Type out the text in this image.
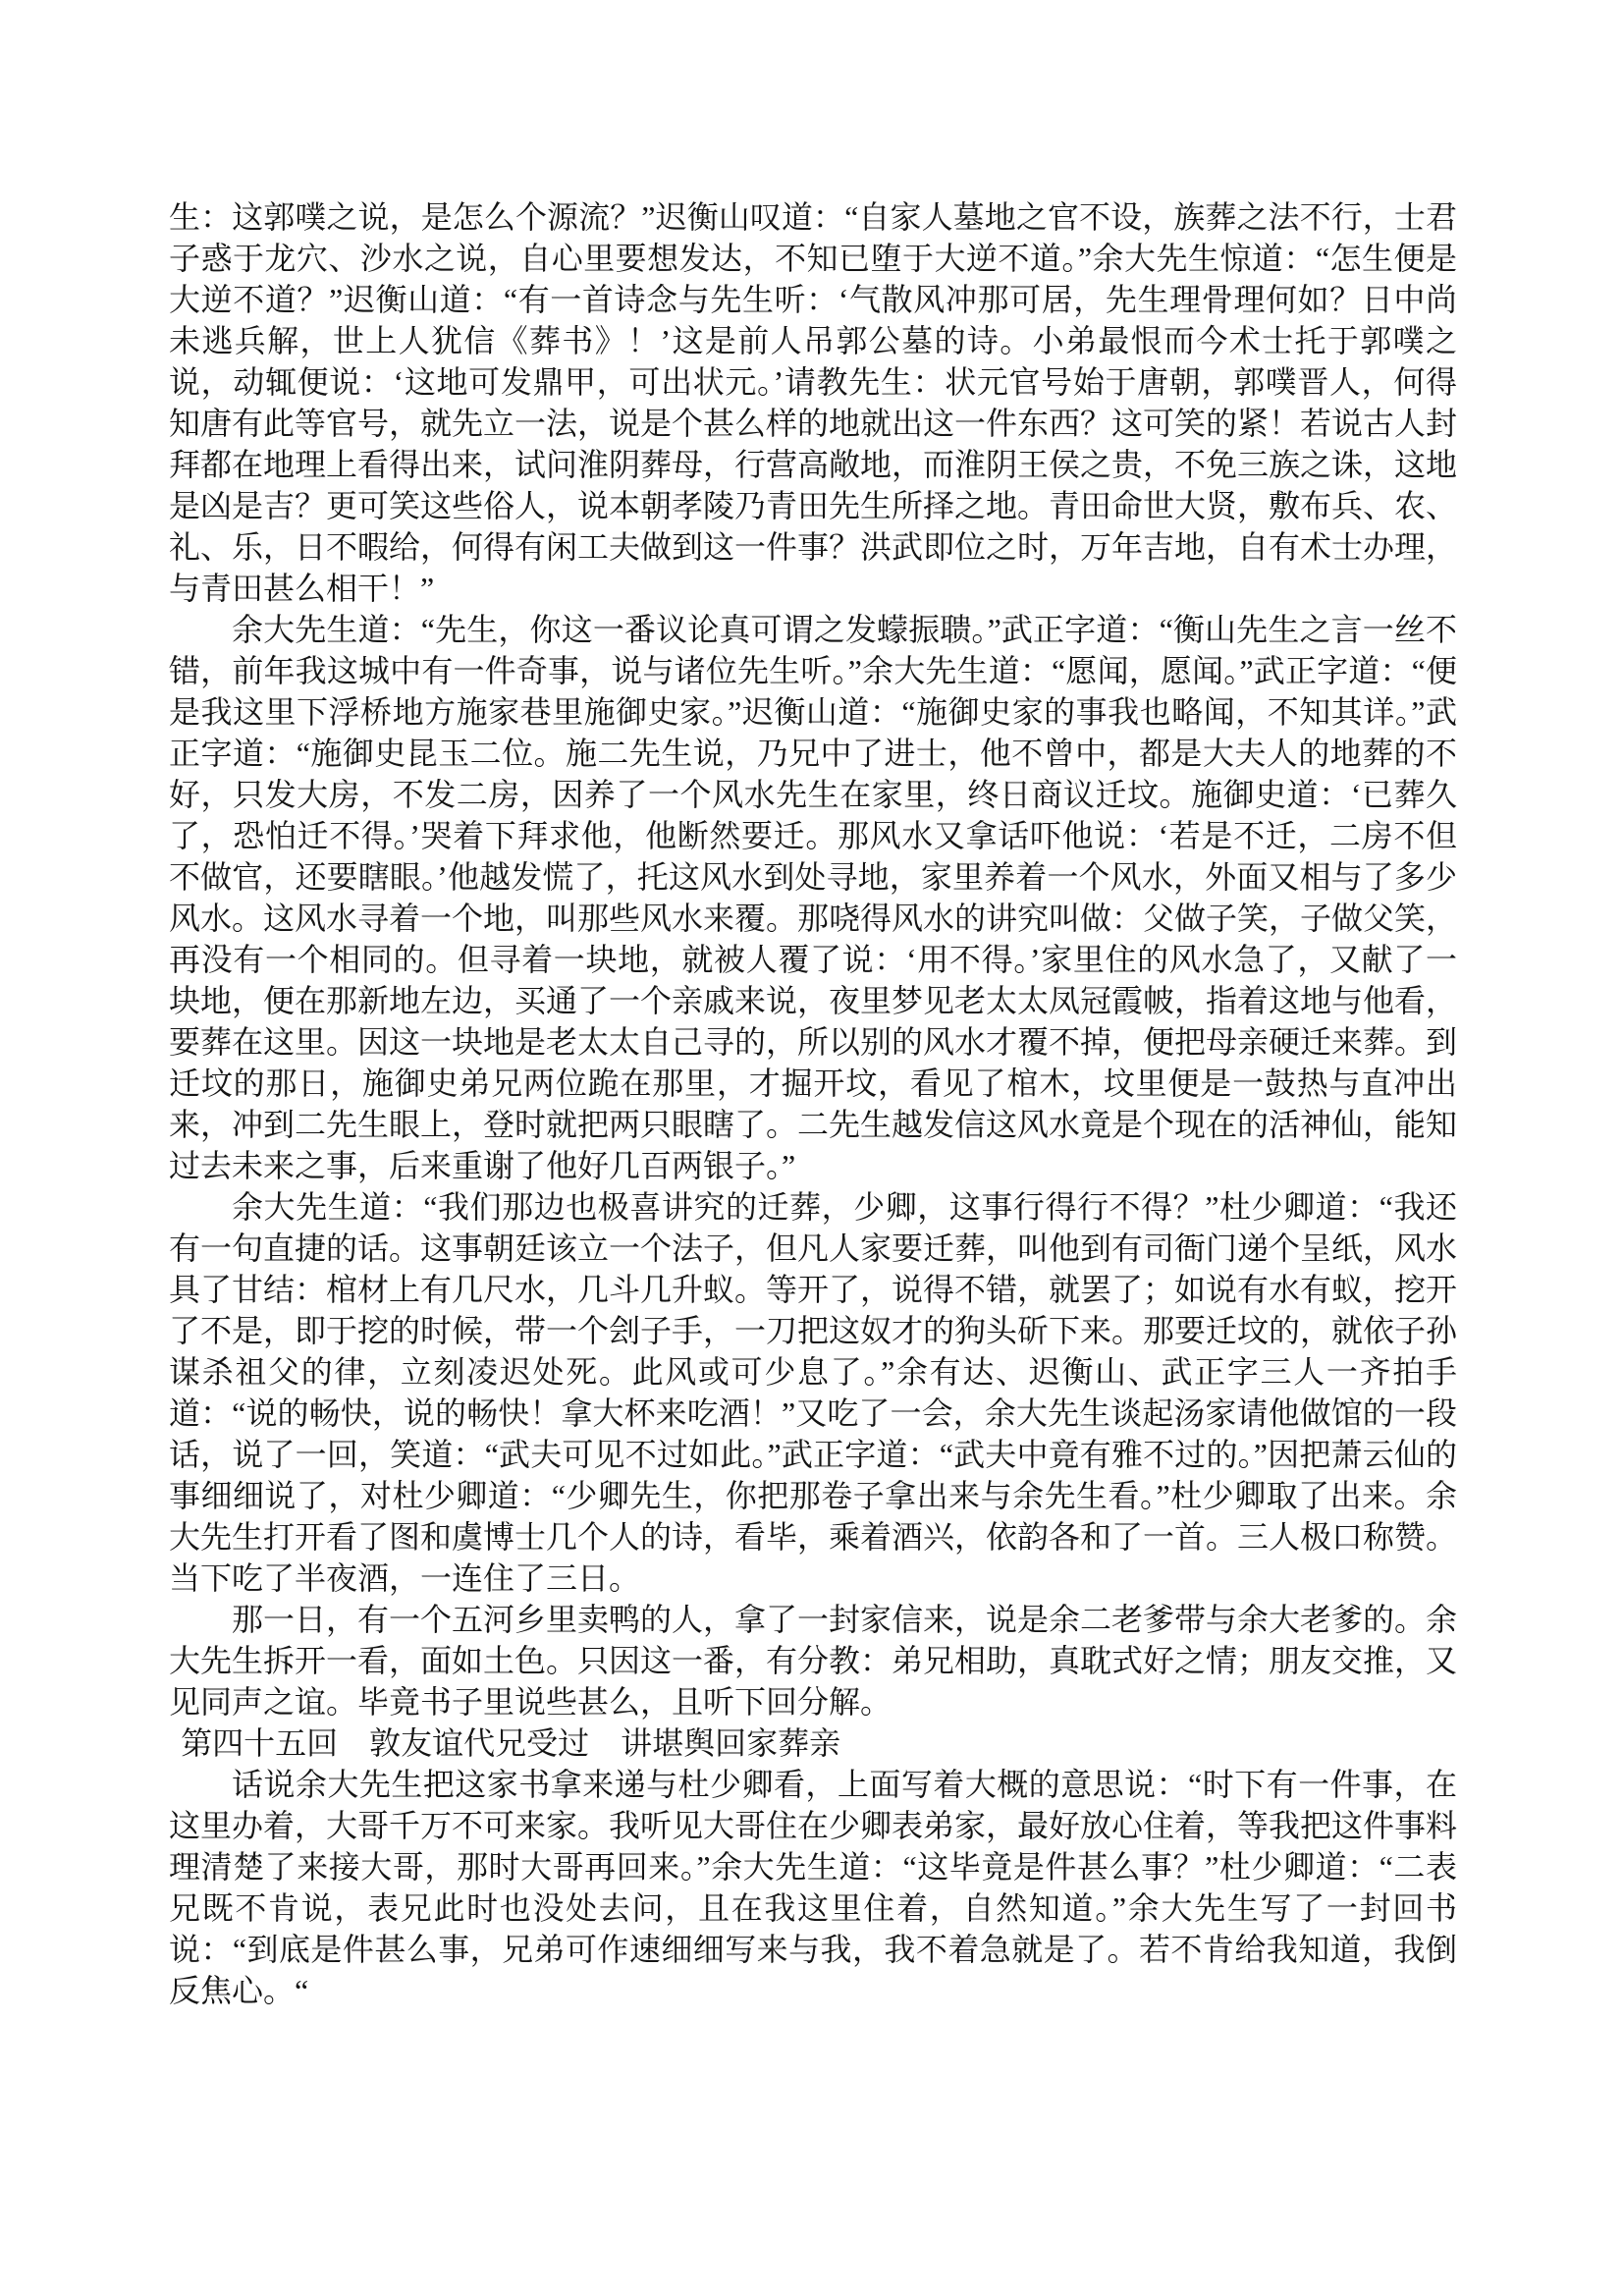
生：这郭噗之说，是怎么个源流？”迟衡山叹道：“自家人墓地之官不设，族葬之法不行，士君子惑于龙穴、沙水之说，自心里要想发达，不知已堕于大逆不道。”余大先生惊道：“怎生便是大逆不道？”迟衡山道：“有一首诗念与先生听：‘气散风冲那可居，先生理骨理何如？日中尚未逃兵解，世上人犹信《葬书》！’这是前人吊郭公墓的诗。小弟最恨而今术士托于郭噗之说，动辄便说：‘这地可发鼎甲，可出状元。’请教先生：状元官号始于唐朝，郭噗晋人，何得知唐有此等官号，就先立一法，说是个甚么样的地就出这一件东西？这可笑的紧！若说古人封拜都在地理上看得出来，试问淮阴葬母，行营高敞地，而淮阴王侯之贵，不免三族之诛，这地是凶是吉？更可笑这些俗人，说本朝孝陵乃青田先生所择之地。青田命世大贤，敷布兵、农、礼、乐，日不暇给，何得有闲工夫做到这一件事？洪武即位之时，万年吉地，自有术士办理，与青田甚么相干！”

余大先生道：“先生，你这一番议论真可谓之发蠓振聩。”武正字道：“衡山先生之言一丝不错，前年我这城中有一件奇事，说与诸位先生听。”余大先生道：“愿闻，愿闻。”武正字道：“便是我这里下浮桥地方施家巷里施御史家。”迟衡山道：“施御史家的事我也略闻，不知其详。”武正字道：“施御史昆玉二位。施二先生说，乃兄中了进士，他不曾中，都是大夫人的地葬的不好，只发大房，不发二房，因养了一个风水先生在家里，终日商议迁坟。施御史道：‘已葬久了，恐怕迁不得。’哭着下拜求他，他断然要迁。那风水又拿话吓他说：‘若是不迁，二房不但不做官，还要瞎眼。’他越发慌了，托这风水到处寻地，家里养着一个风水，外面又相与了多少风水。这风水寻着一个地，叫那些风水来覆。那哓得风水的讲究叫做：父做子笑，子做父笑，再没有一个相同的。但寻着一块地，就被人覆了说：‘用不得。’家里住的风水急了，又献了一块地，便在那新地左边，买通了一个亲戚来说，夜里梦见老太太凤冠霞帔，指着这地与他看，要葬在这里。因这一块地是老太太自己寻的，所以别的风水才覆不掉，便把母亲硬迁来葬。到迁坟的那日，施御史弟兄两位跪在那里，才掘开坟，看见了棺木，坟里便是一鼓热与直冲出来，冲到二先生眼上，登时就把两只眼瞎了。二先生越发信这风水竟是个现在的活神仙，能知过去未来之事，后来重谢了他好几百两银子。”

余大先生道：“我们那边也极喜讲究的迁葬，少卿，这事行得行不得？”杜少卿道：“我还有一句直捷的话。这事朝廷该立一个法子，但凡人家要迁葬，叫他到有司衙门递个呈纸，风水具了甘结：棺材上有几尺水，几斗几升蚁。等开了，说得不错，就罢了；如说有水有蚁，挖开了不是，即于挖的时候，带一个刽子手，一刀把这奴才的狗头斫下来。那要迁坟的，就依子孙谋杀祖父的律，立刻凌迟处死。此风或可少息了。”余有达、迟衡山、武正字三人一齐拍手道：“说的畅快，说的畅快！拿大杯来吃酒！”又吃了一会，余大先生谈起汤家请他做馆的一段话，说了一回，笑道：“武夫可见不过如此。”武正字道：“武夫中竟有雅不过的。”因把萧云仙的事细细说了，对杜少卿道：“少卿先生，你把那卷子拿出来与余先生看。”杜少卿取了出来。余大先生打开看了图和虞博士几个人的诗，看毕，乘着酒兴，依韵各和了一首。三人极口称赞。当下吃了半夜酒，一连住了三日。

那一日，有一个五河乡里卖鸭的人，拿了一封家信来，说是余二老爹带与余大老爹的。余大先生拆开一看，面如土色。只因这一番，有分教：弟兄相助，真耽式好之情；朋友交推，又见同声之谊。毕竟书子里说些甚么，且听下回分解。

第四十五回　敦友谊代兄受过　讲堪舆回家葬亲

话说余大先生把这家书拿来递与杜少卿看，上面写着大概的意思说：“时下有一件事，在这里办着，大哥千万不可来家。我听见大哥住在少卿表弟家，最好放心住着，等我把这件事料理清楚了来接大哥，那时大哥再回来。”余大先生道：“这毕竟是件甚么事？”杜少卿道：“二表兄既不肯说，表兄此时也没处去问，且在我这里住着，自然知道。”余大先生写了一封回书说：“到底是件甚么事，兄弟可作速细细写来与我，我不着急就是了。若不肯给我知道，我倒反焦心。“
